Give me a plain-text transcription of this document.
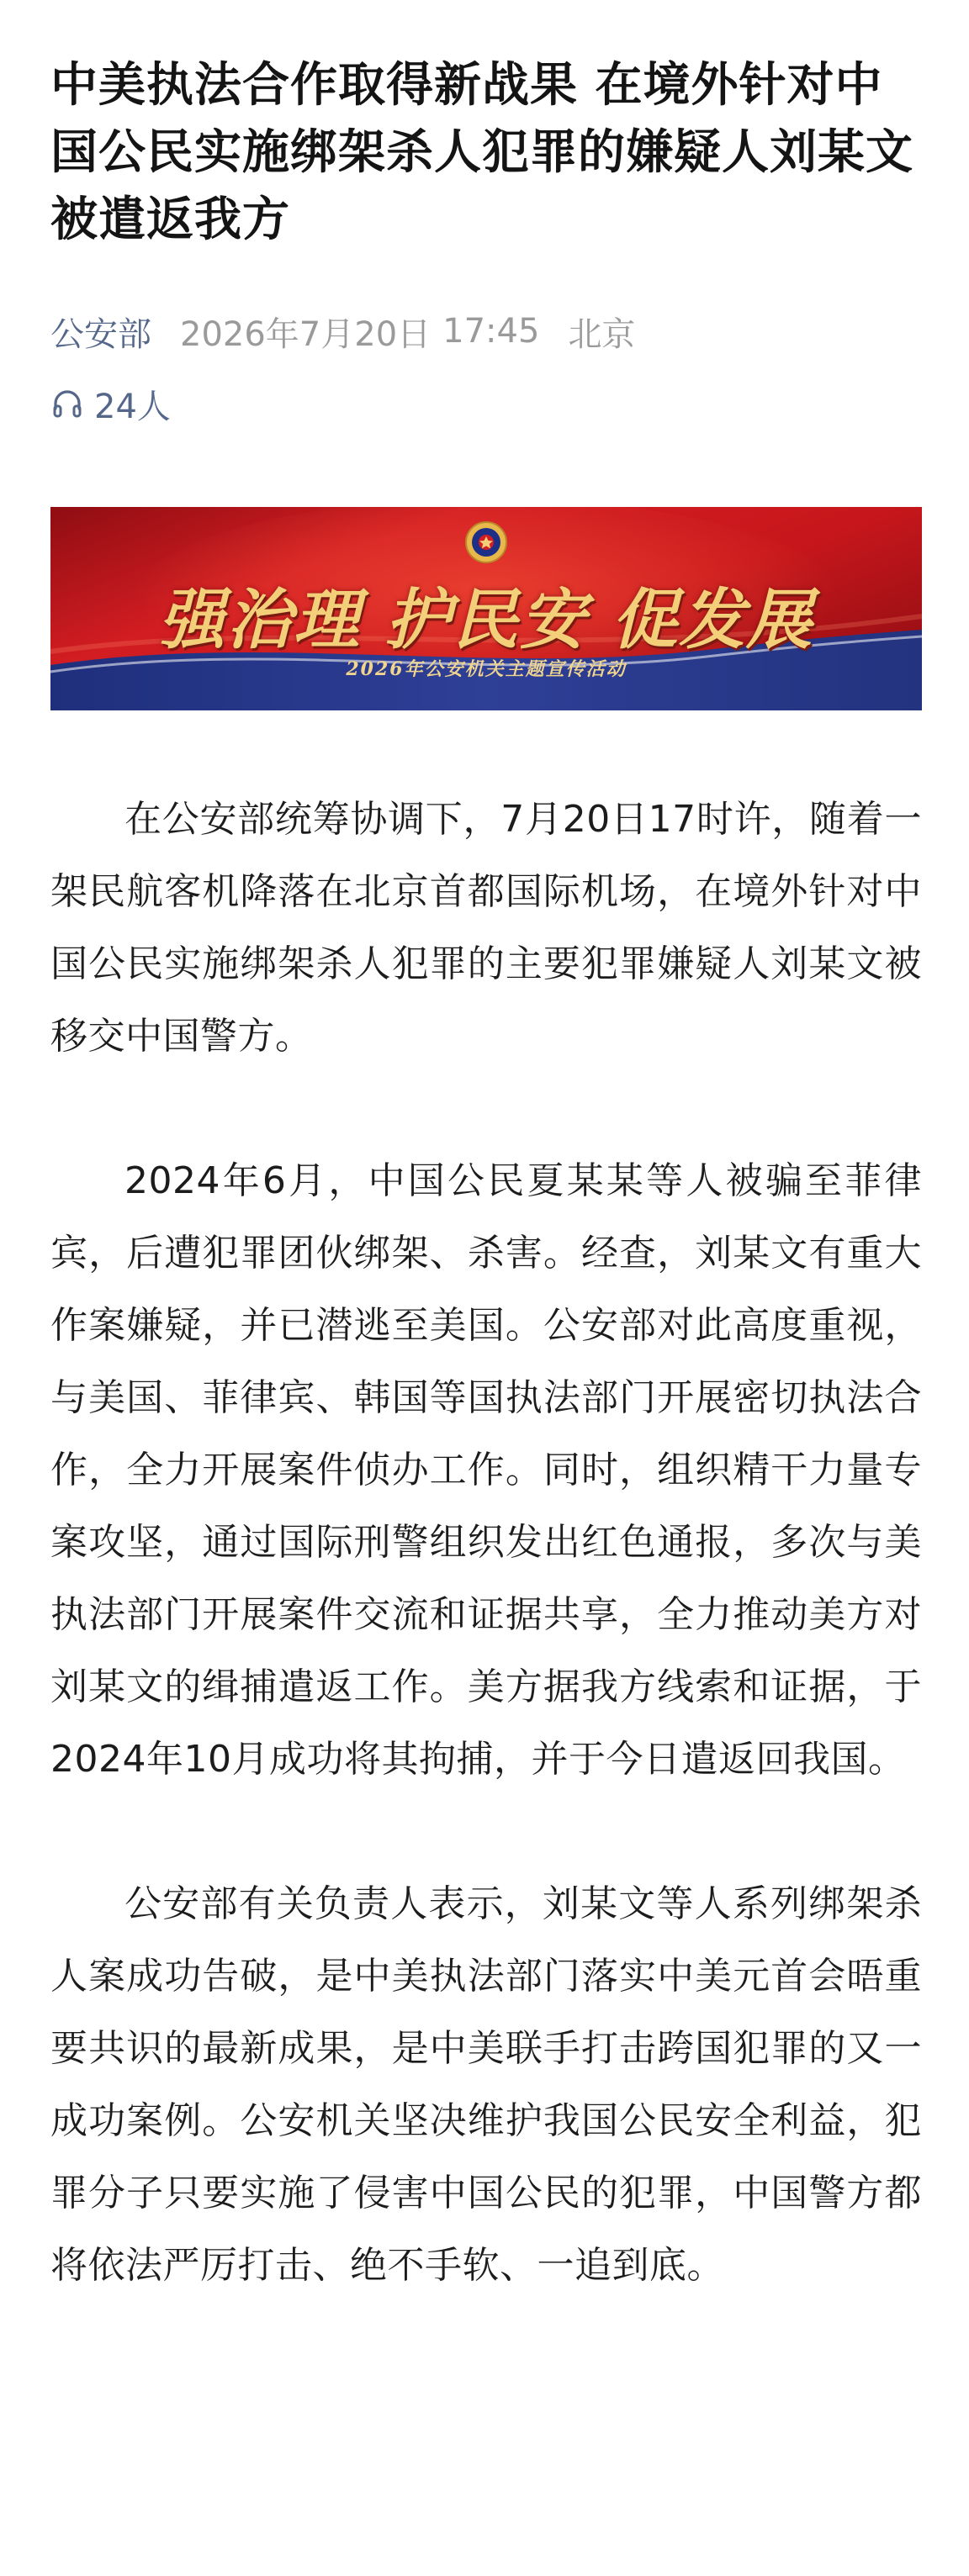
中美执法合作取得新战果 在境外针对中国公民实施绑架杀人犯罪的嫌疑人刘某文被遣返我方
公安部 2026年7月20日 17:45 北京
24人
强治理 护民安 促发展
2026年公安机关主题宣传活动

在公安部统筹协调下，7月20日17时许，随着一架民航客机降落在北京首都国际机场，在境外针对中国公民实施绑架杀人犯罪的主要犯罪嫌疑人刘某文被移交中国警方。

2024年6月，中国公民夏某某等人被骗至菲律宾，后遭犯罪团伙绑架、杀害。经查，刘某文有重大作案嫌疑，并已潜逃至美国。公安部对此高度重视，与美国、菲律宾、韩国等国执法部门开展密切执法合作，全力开展案件侦办工作。同时，组织精干力量专案攻坚，通过国际刑警组织发出红色通报，多次与美执法部门开展案件交流和证据共享，全力推动美方对刘某文的缉捕遣返工作。美方据我方线索和证据，于2024年10月成功将其拘捕，并于今日遣返回我国。

公安部有关负责人表示，刘某文等人系列绑架杀人案成功告破，是中美执法部门落实中美元首会晤重要共识的最新成果，是中美联手打击跨国犯罪的又一成功案例。公安机关坚决维护我国公民安全利益，犯罪分子只要实施了侵害中国公民的犯罪，中国警方都将依法严厉打击、绝不手软、一追到底。
